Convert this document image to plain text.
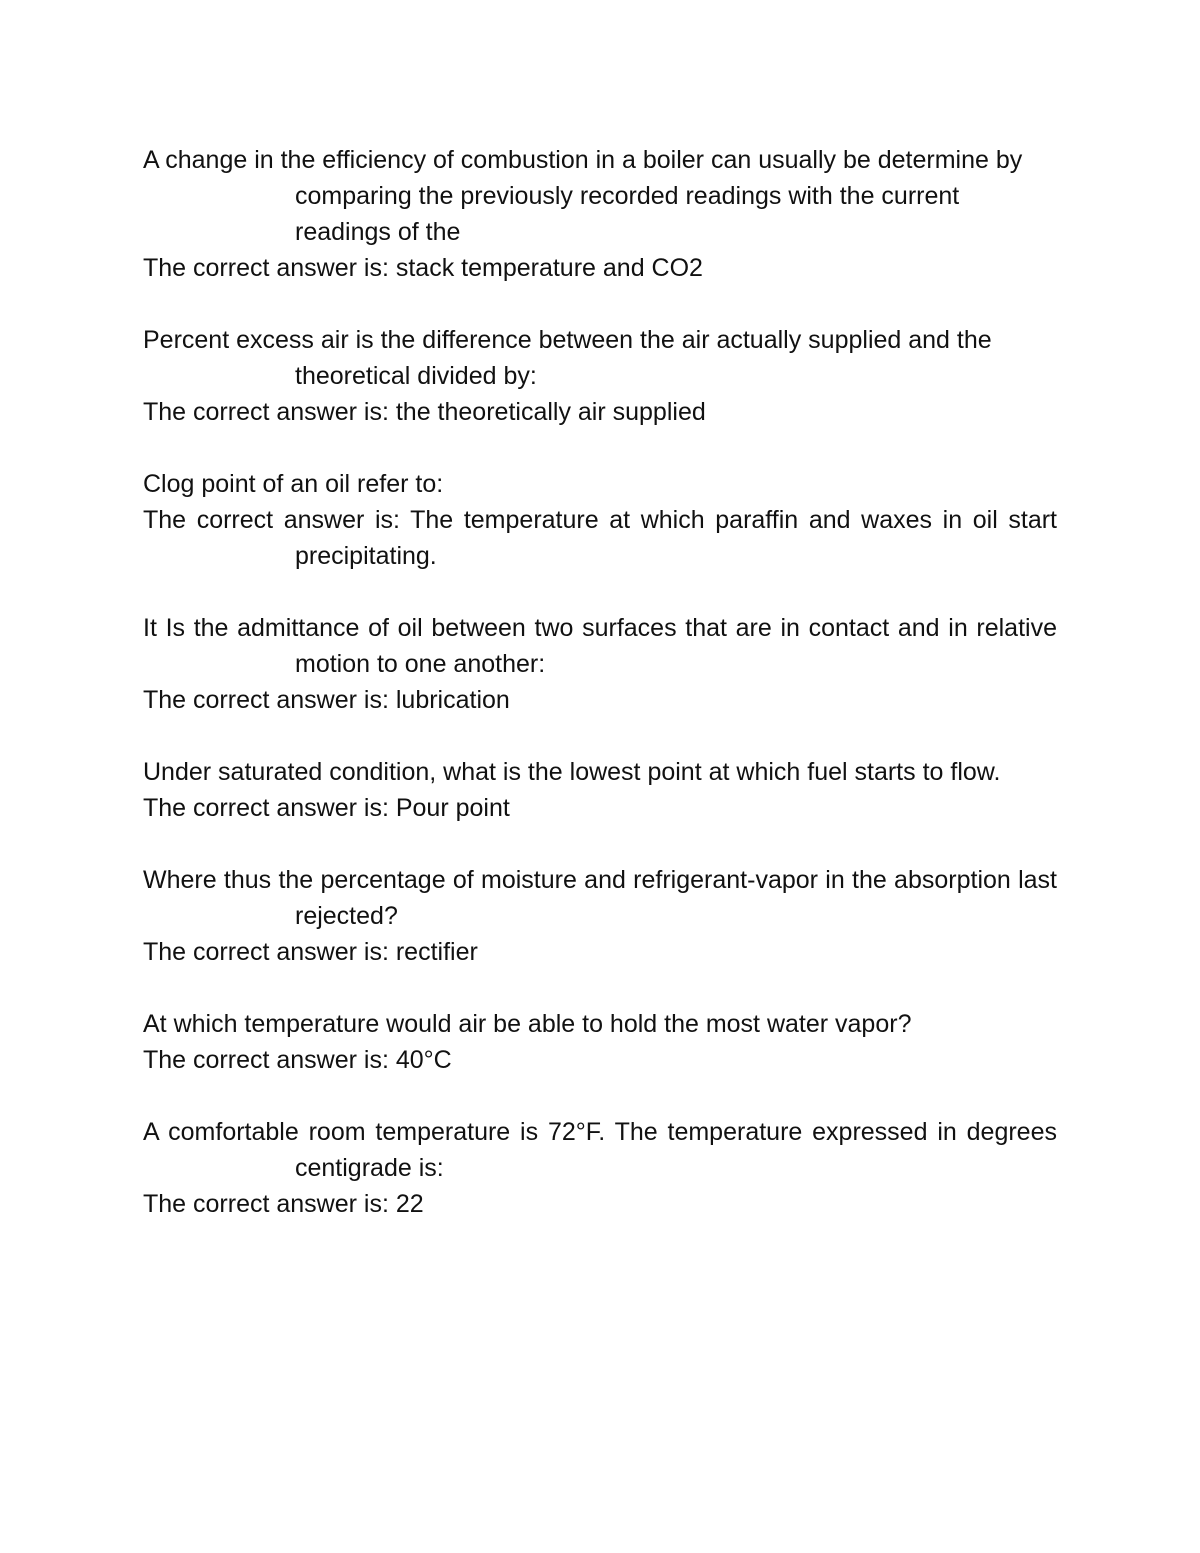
A change in the efficiency of combustion in a boiler can usually be determine by comparing the previously recorded readings with the current readings of the

The correct answer is: stack temperature and CO2

Percent excess air is the difference between the air actually supplied and the theoretical divided by:

The correct answer is: the theoretically air supplied

Clog point of an oil refer to:

The correct answer is: The temperature at which paraffin and waxes in oil start precipitating.

It Is the admittance of oil between two surfaces that are in contact and in relative motion to one another:

The correct answer is: lubrication

Under saturated condition, what is the lowest point at which fuel starts to flow.

The correct answer is: Pour point

Where thus the percentage of moisture and refrigerant-vapor in the absorption last rejected?

The correct answer is: rectifier

At which temperature would air be able to hold the most water vapor?

The correct answer is: 40°C

A comfortable room temperature is 72°F. The temperature expressed in degrees centigrade is:

The correct answer is: 22
